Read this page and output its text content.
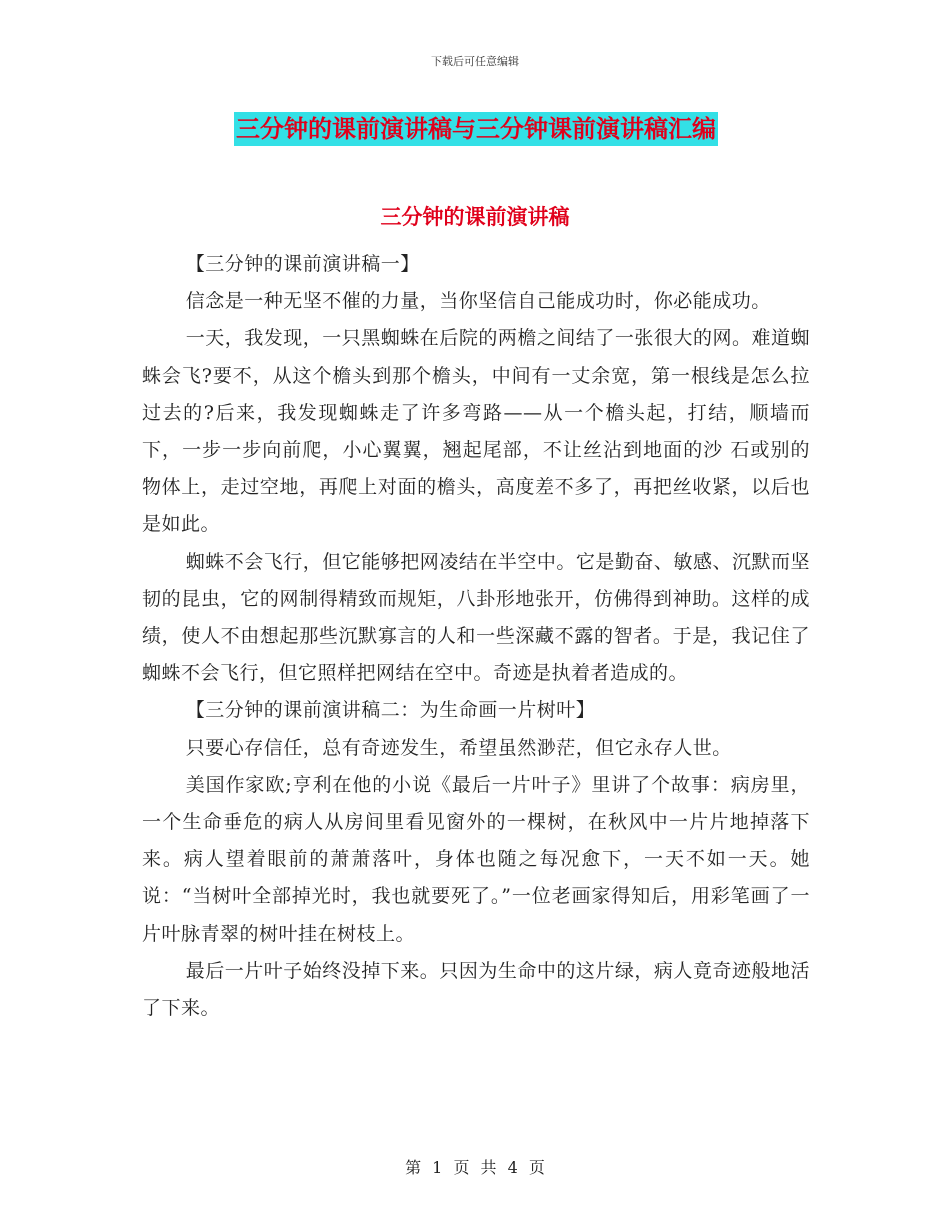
下载后可任意编辑
三分钟的课前演讲稿与三分钟课前演讲稿汇编
三分钟的课前演讲稿

【三分钟的课前演讲稿一】

信念是一种无坚不催的力量，当你坚信自己能成功时，你必能成功。

一天，我发现，一只黑蜘蛛在后院的两檐之间结了一张很大的网。难道蜘蛛会飞?要不，从这个檐头到那个檐头，中间有一丈余宽，第一根线是怎么拉过去的?后来，我发现蜘蛛走了许多弯路——从一个檐头起，打结，顺墙而下，一步一步向前爬，小心翼翼，翘起尾部，不让丝沾到地面的沙 石或别的物体上，走过空地，再爬上对面的檐头，高度差不多了，再把丝收紧，以后也是如此。

蜘蛛不会飞行，但它能够把网凌结在半空中。它是勤奋、敏感、沉默而坚韧的昆虫，它的网制得精致而规矩，八卦形地张开，仿佛得到神助。这样的成绩，使人不由想起那些沉默寡言的人和一些深藏不露的智者。于是，我记住了蜘蛛不会飞行，但它照样把网结在空中。奇迹是执着者造成的。

【三分钟的课前演讲稿二：为生命画一片树叶】

只要心存信任，总有奇迹发生，希望虽然渺茫，但它永存人世。

美国作家欧;亨利在他的小说《最后一片叶子》里讲了个故事：病房里，一个生命垂危的病人从房间里看见窗外的一棵树，在秋风中一片片地掉落下来。病人望着眼前的萧萧落叶，身体也随之每况愈下，一天不如一天。她说：“当树叶全部掉光时，我也就要死了。”一位老画家得知后，用彩笔画了一片叶脉青翠的树叶挂在树枝上。

最后一片叶子始终没掉下来。只因为生命中的这片绿，病人竟奇迹般地活了下来。

第 1 页 共 4 页
